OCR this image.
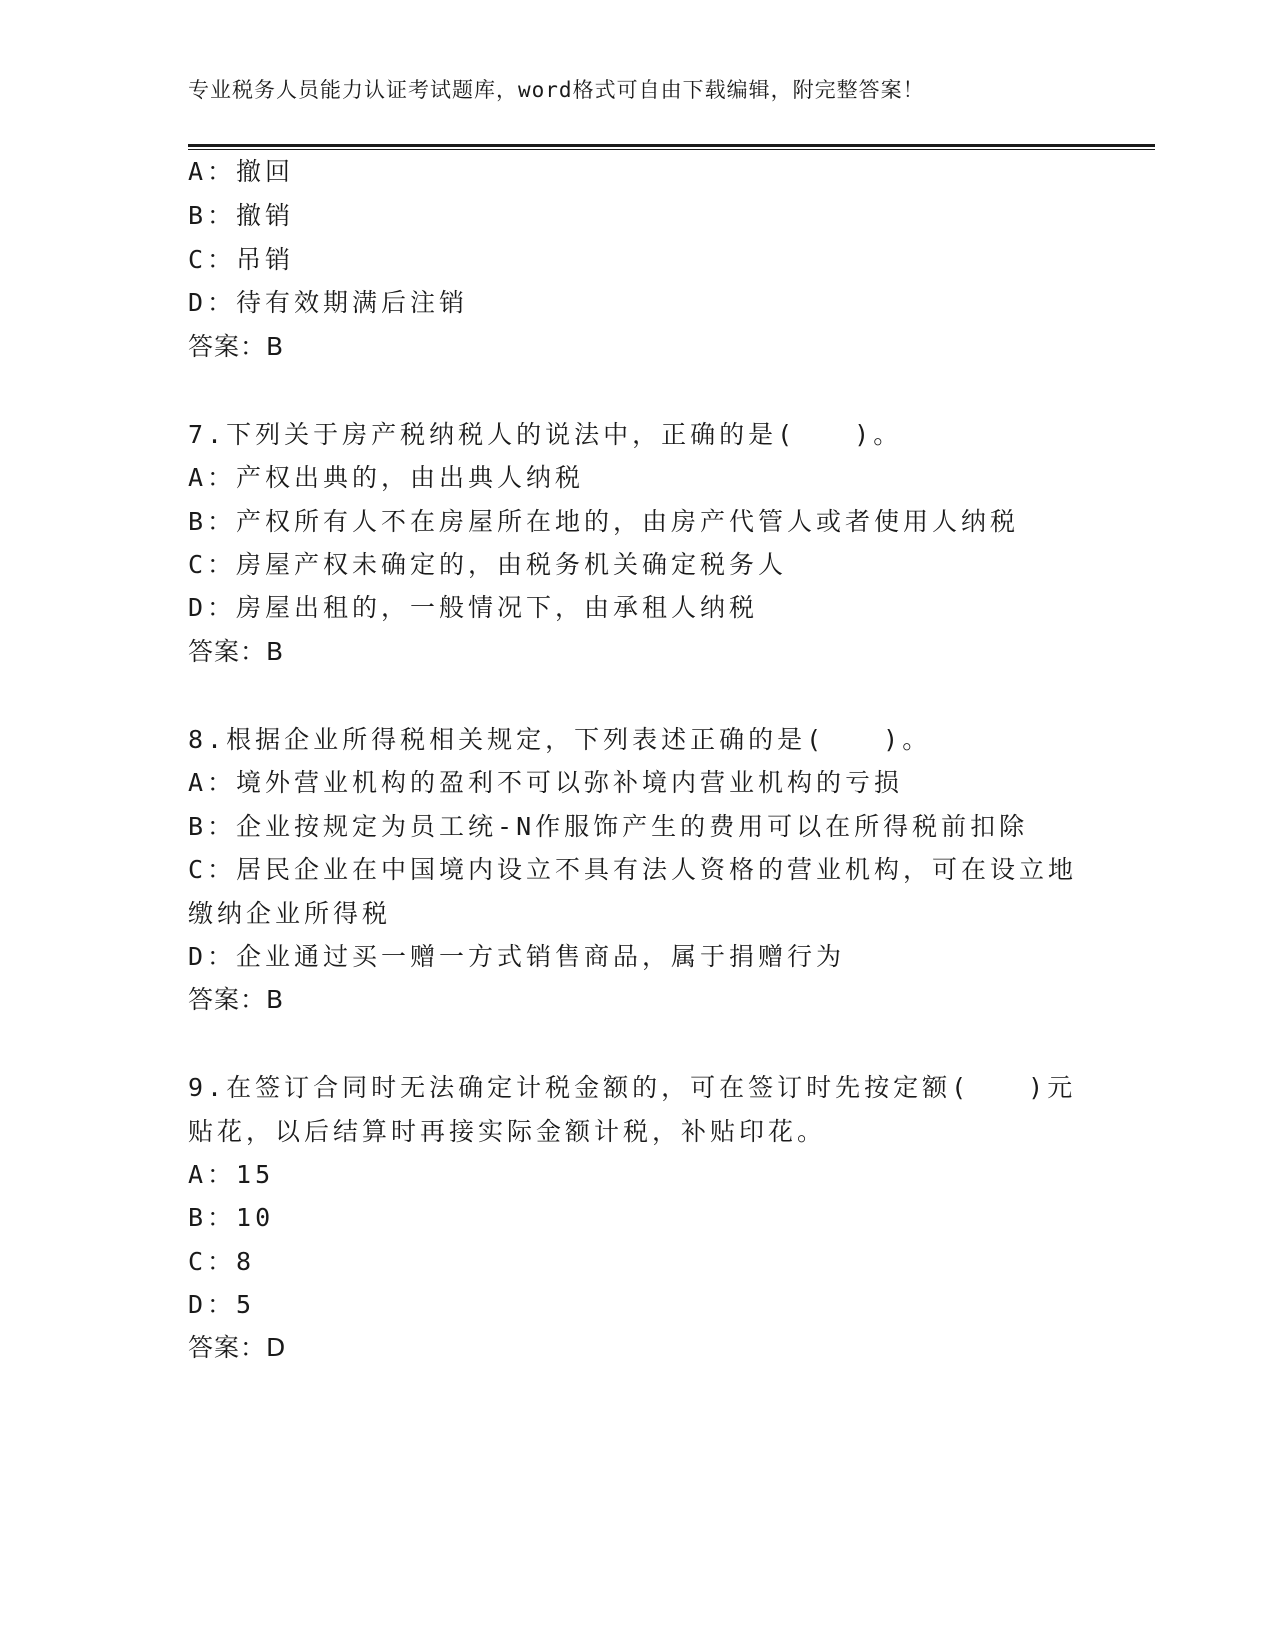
专业税务人员能力认证考试题库，word格式可自由下载编辑，附完整答案！
A：撤回
B：撤销
C：吊销
D：待有效期满后注销
答案：B
7.下列关于房产税纳税人的说法中，正确的是(　　)。
A：产权出典的，由出典人纳税
B：产权所有人不在房屋所在地的，由房产代管人或者使用人纳税
C：房屋产权未确定的，由税务机关确定税务人
D：房屋出租的，一般情况下，由承租人纳税
答案：B
8.根据企业所得税相关规定，下列表述正确的是(　　)。
A：境外营业机构的盈利不可以弥补境内营业机构的亏损
B：企业按规定为员工统-N作服饰产生的费用可以在所得税前扣除
C：居民企业在中国境内设立不具有法人资格的营业机构，可在设立地
缴纳企业所得税
D：企业通过买一赠一方式销售商品，属于捐赠行为
答案：B
9.在签订合同时无法确定计税金额的，可在签订时先按定额(　　)元
贴花，以后结算时再接实际金额计税，补贴印花。
A：15
B：10
C：8
D：5
答案：D
